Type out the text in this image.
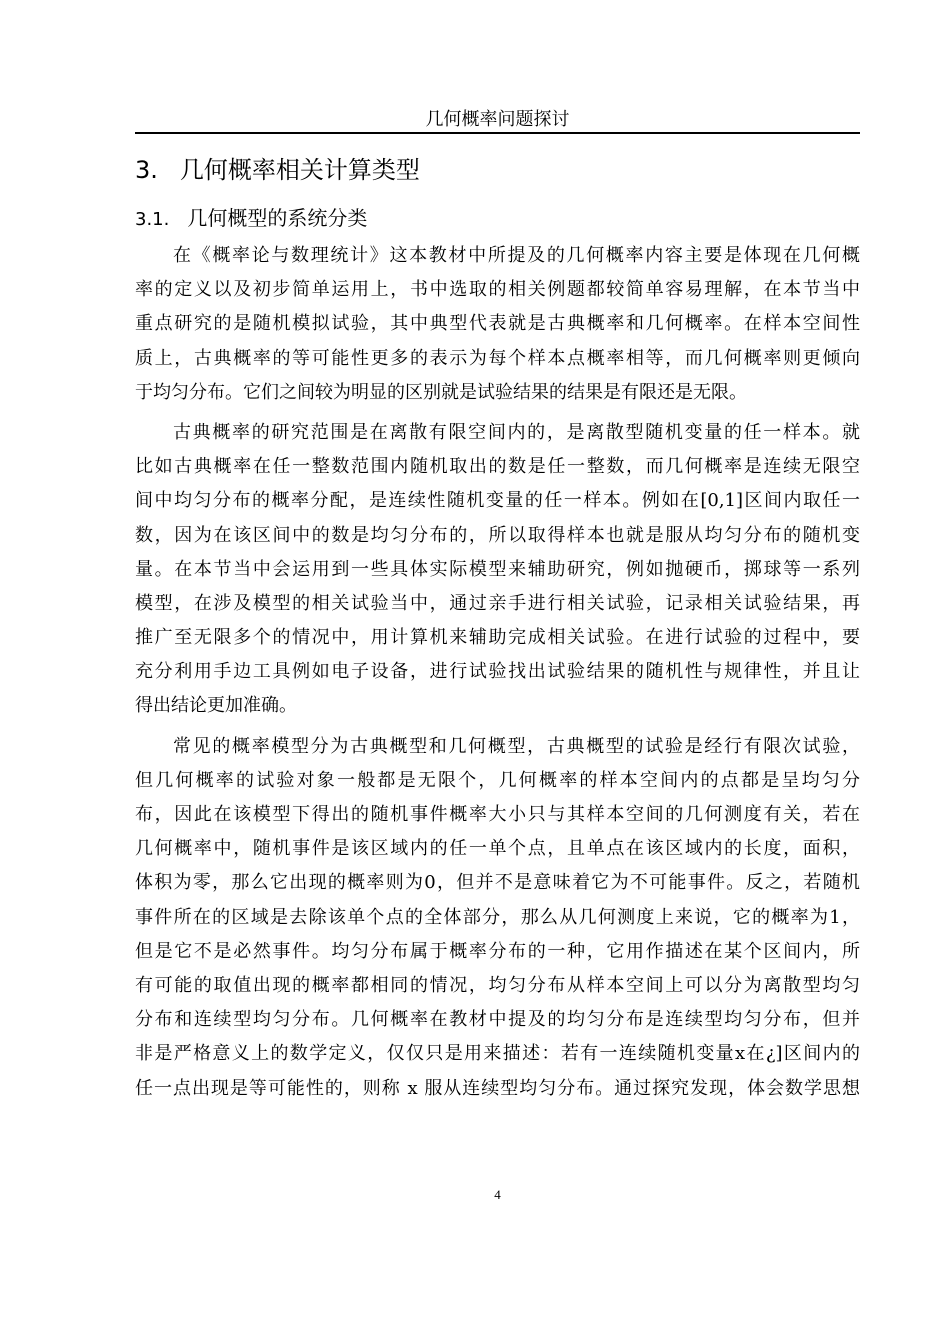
几何概率问题探讨
3. 几何概率相关计算类型
3.1. 几何概型的系统分类
在《概率论与数理统计》这本教材中所提及的几何概率内容主要是体现在几何概
率的定义以及初步简单运用上，书中选取的相关例题都较简单容易理解，在本节当中
重点研究的是随机模拟试验，其中典型代表就是古典概率和几何概率。在样本空间性
质上，古典概率的等可能性更多的表示为每个样本点概率相等，而几何概率则更倾向
于均匀分布。它们之间较为明显的区别就是试验结果的结果是有限还是无限。
古典概率的研究范围是在离散有限空间内的，是离散型随机变量的任一样本。就
比如古典概率在任一整数范围内随机取出的数是任一整数，而几何概率是连续无限空
间中均匀分布的概率分配，是连续性随机变量的任一样本。例如在[0,1]区间内取任一
数，因为在该区间中的数是均匀分布的，所以取得样本也就是服从均匀分布的随机变
量。在本节当中会运用到一些具体实际模型来辅助研究，例如抛硬币，掷球等一系列
模型，在涉及模型的相关试验当中，通过亲手进行相关试验，记录相关试验结果，再
推广至无限多个的情况中，用计算机来辅助完成相关试验。在进行试验的过程中，要
充分利用手边工具例如电子设备，进行试验找出试验结果的随机性与规律性，并且让
得出结论更加准确。
常见的概率模型分为古典概型和几何概型，古典概型的试验是经行有限次试验，
但几何概率的试验对象一般都是无限个，几何概率的样本空间内的点都是呈均匀分
布，因此在该模型下得出的随机事件概率大小只与其样本空间的几何测度有关，若在
几何概率中，随机事件是该区域内的任一单个点，且单点在该区域内的长度，面积，
体积为零，那么它出现的概率则为0，但并不是意味着它为不可能事件。反之，若随机
事件所在的区域是去除该单个点的全体部分，那么从几何测度上来说，它的概率为1，
但是它不是必然事件。均匀分布属于概率分布的一种，它用作描述在某个区间内，所
有可能的取值出现的概率都相同的情况，均匀分布从样本空间上可以分为离散型均匀
分布和连续型均匀分布。几何概率在教材中提及的均匀分布是连续型均匀分布，但并
非是严格意义上的数学定义，仅仅只是用来描述：若有一连续随机变量x在¿]区间内的
任一点出现是等可能性的，则称 x 服从连续型均匀分布。通过探究发现，体会数学思想
4
